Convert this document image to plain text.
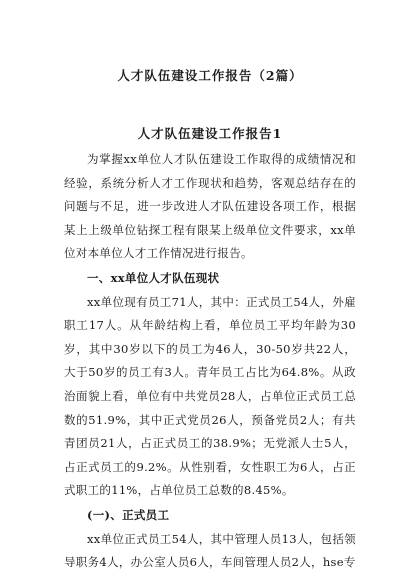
人才队伍建设工作报告（2篇）
人才队伍建设工作报告1

为掌握xx单位人才队伍建设工作取得的成绩情况和经验，系统分析人才工作现状和趋势，客观总结存在的问题与不足，进一步改进人才队伍建设各项工作，根据某上上级单位钻探工程有限某上级单位文件要求，xx单位对本单位人才工作情况进行报告。

一、xx单位人才队伍现状

xx单位现有员工71人，其中：正式员工54人，外雇职工17人。从年龄结构上看，单位员工平均年龄为30岁，其中30岁以下的员工为46人，30-50岁共22人，大于50岁的员工有3人。青年员工占比为64.8%。从政治面貌上看，单位有中共党员28人，占单位正式员工总数的51.9%，其中正式党员26人，预备党员2人；有共青团员21人，占正式员工的38.9%；无党派人士5人，占正式员工的9.2%。从性别看，女性职工为6人，占正式职工的11%，占单位员工总数的8.45%。

(一)、正式员工

xx单位正式员工54人，其中管理人员13人，包括领导职务4人，办公室人员6人，车间管理人员2人，hse专
